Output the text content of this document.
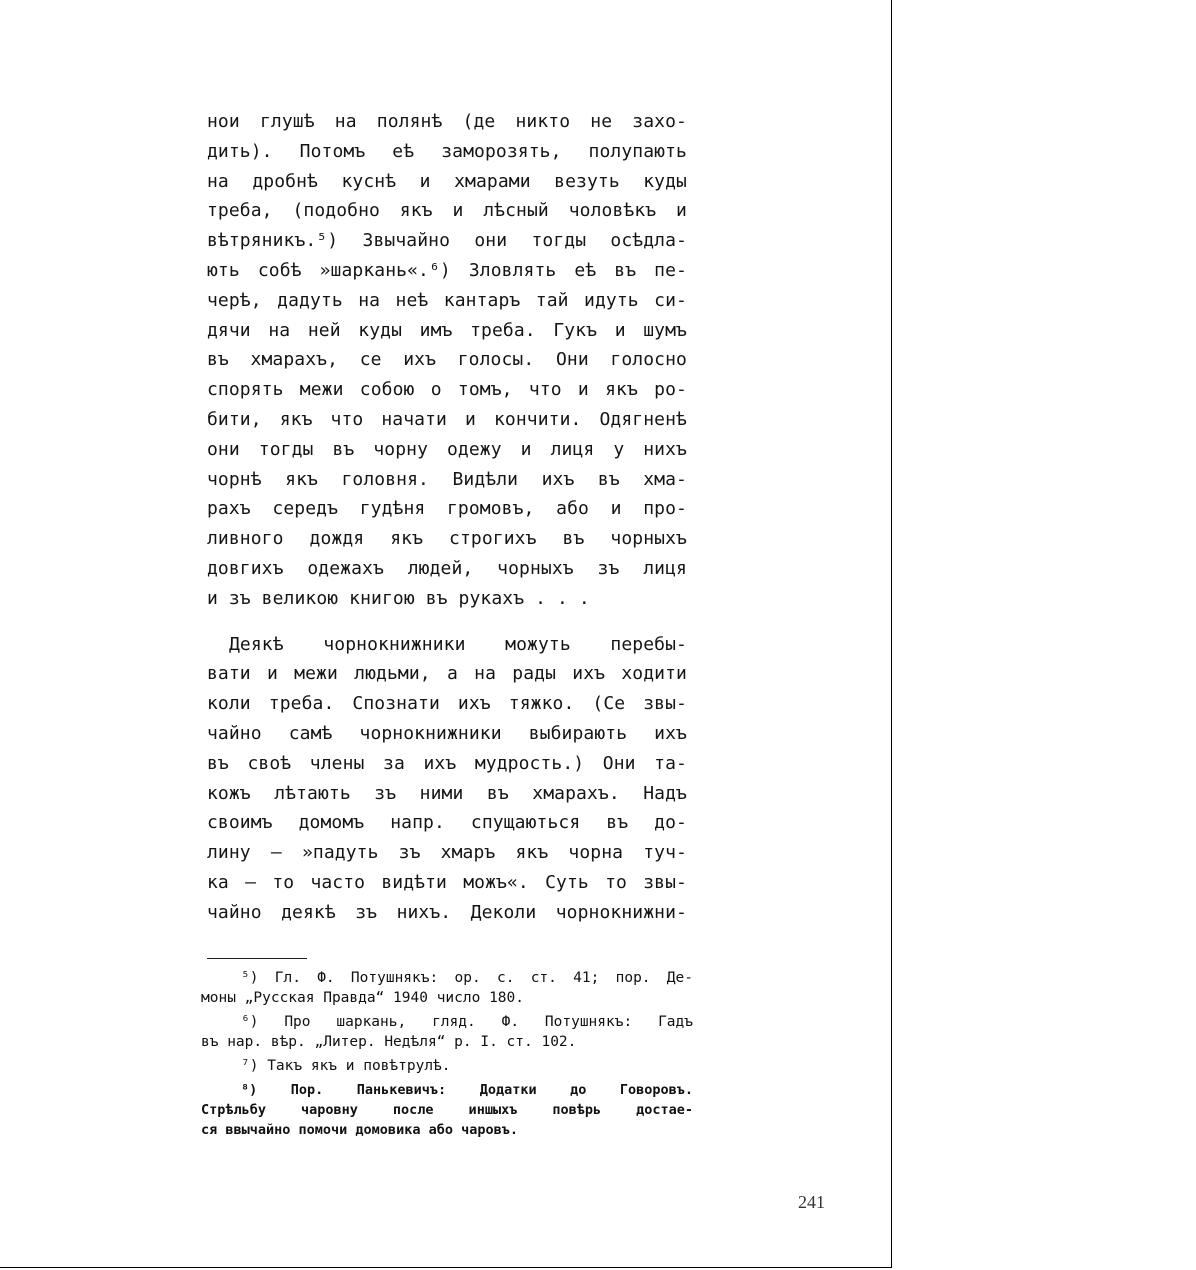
нои глушѣ на полянѣ (де никто не захо-
дить). Потомъ еѣ заморозять, полупають
на дробнѣ куснѣ и хмарами везуть куды
треба, (подобно якъ и лѣсный чоловѣкъ и
вѣтряникъ.⁵) Звычайно они тогды осѣдла-
ють собѣ »шаркань«.⁶) Зловлять еѣ въ пе-
черѣ, дадуть на неѣ кантаръ тай идуть си-
дячи на ней куды имъ треба. Гукъ и шумъ
въ хмарахъ, се ихъ голосы. Они голосно
спорять межи собою о томъ, что и якъ ро-
бити, якъ что начати и кончити. Одягненѣ
они тогды въ чорну одежу и лиця у нихъ
чорнѣ якъ головня. Видѣли ихъ въ хма-
рахъ середъ гудѣня громовъ, або и про-
ливного дождя якъ строгихъ въ чорныхъ
довгихъ одежахъ людей, чорныхъ зъ лиця
и зъ великою книгою въ рукахъ . . .
Деякѣ чорнокнижники можуть перебы-
вати и межи людьми, а на рады ихъ ходити
коли треба. Спознати ихъ тяжко. (Се звы-
чайно самѣ чорнокнижники выбирають ихъ
въ своѣ члены за ихъ мудрость.) Они та-
кожъ лѣтають зъ ними въ хмарахъ. Надъ
своимъ домомъ напр. спущаються въ до-
лину — »падуть зъ хмаръ якъ чорна туч-
ка — то часто видѣти можъ«. Суть то звы-
чайно деякѣ зъ нихъ. Деколи чорнокнижни-
⁵) Гл. Ф. Потушнякъ: ор. с. ст. 41; пор. Де-
моны „Русская Правда“ 1940 число 180.
⁶) Про шаркань, гляд. Ф. Потушнякъ: Гадъ
въ нар. вѣр. „Литер. Недѣля“ р. I. ст. 102.
⁷) Такъ якъ и повѣтрулѣ.
⁸) Пор. Панькевичъ: Додатки до Говоровъ.
Стрѣльбу чаровну после иншыхъ повѣрь достае-
ся ввычайно помочи домовика або чаровъ.
241
